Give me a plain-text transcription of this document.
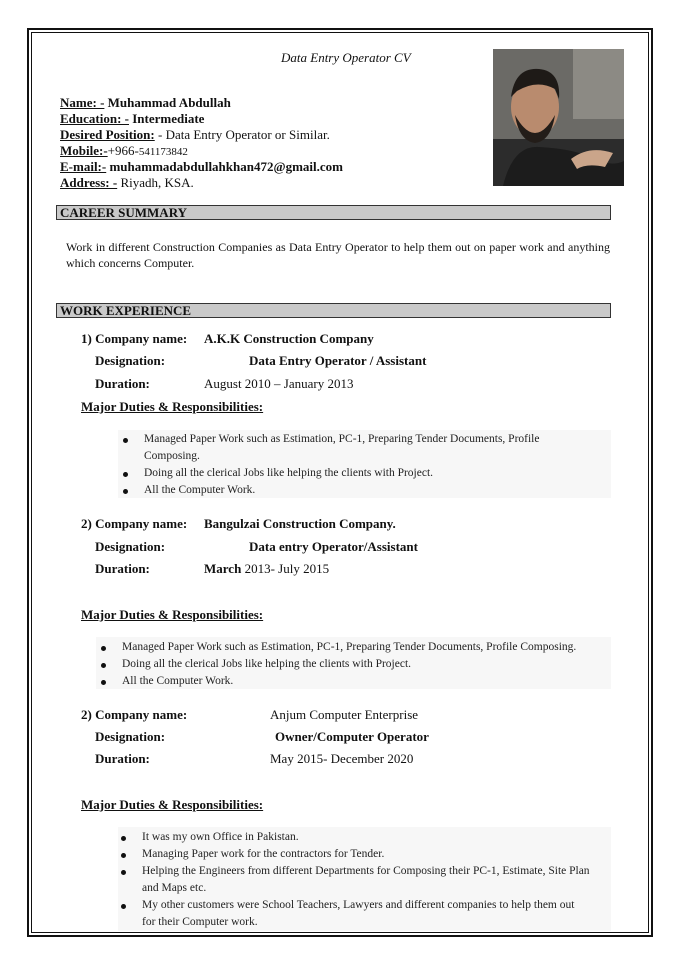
Data Entry Operator CV
Name: - Muhammad Abdullah
Education: - Intermediate
Desired Position: - Data Entry Operator or Similar.
Mobile:-+966-541173842
E-mail:- muhammadabdullahkhan472@gmail.com
Address: - Riyadh, KSA.
CAREER SUMMARY
Work in different Construction Companies as Data Entry Operator to help them out on paper work and anything which concerns Computer.
WORK EXPERIENCE
1) Company name: A.K.K Construction Company
Designation:	Data Entry Operator / Assistant
Duration:	August 2010 – January 2013
Major Duties & Responsibilities:
Managed Paper Work such as Estimation, PC-1, Preparing Tender Documents, Profile
Composing.
Doing all the clerical Jobs like helping the clients with Project.
All the Computer Work.
2) Company name: Bangulzai Construction Company.
Designation:	Data entry Operator/Assistant
Duration:	March 2013- July 2015
Major Duties & Responsibilities:
Managed Paper Work such as Estimation, PC-1, Preparing Tender Documents, Profile Composing.
Doing all the clerical Jobs like helping the clients with Project.
All the Computer Work.
2) Company name:	Anjum Computer Enterprise
Designation:	Owner/Computer Operator
Duration:	May 2015- December 2020
Major Duties & Responsibilities:
It was my own Office in Pakistan.
Managing Paper work for the contractors for Tender.
Helping the Engineers from different Departments for Composing their PC-1, Estimate, Site Plan
and Maps etc.
My other customers were School Teachers, Lawyers and different companies to help them out
for their Computer work.
